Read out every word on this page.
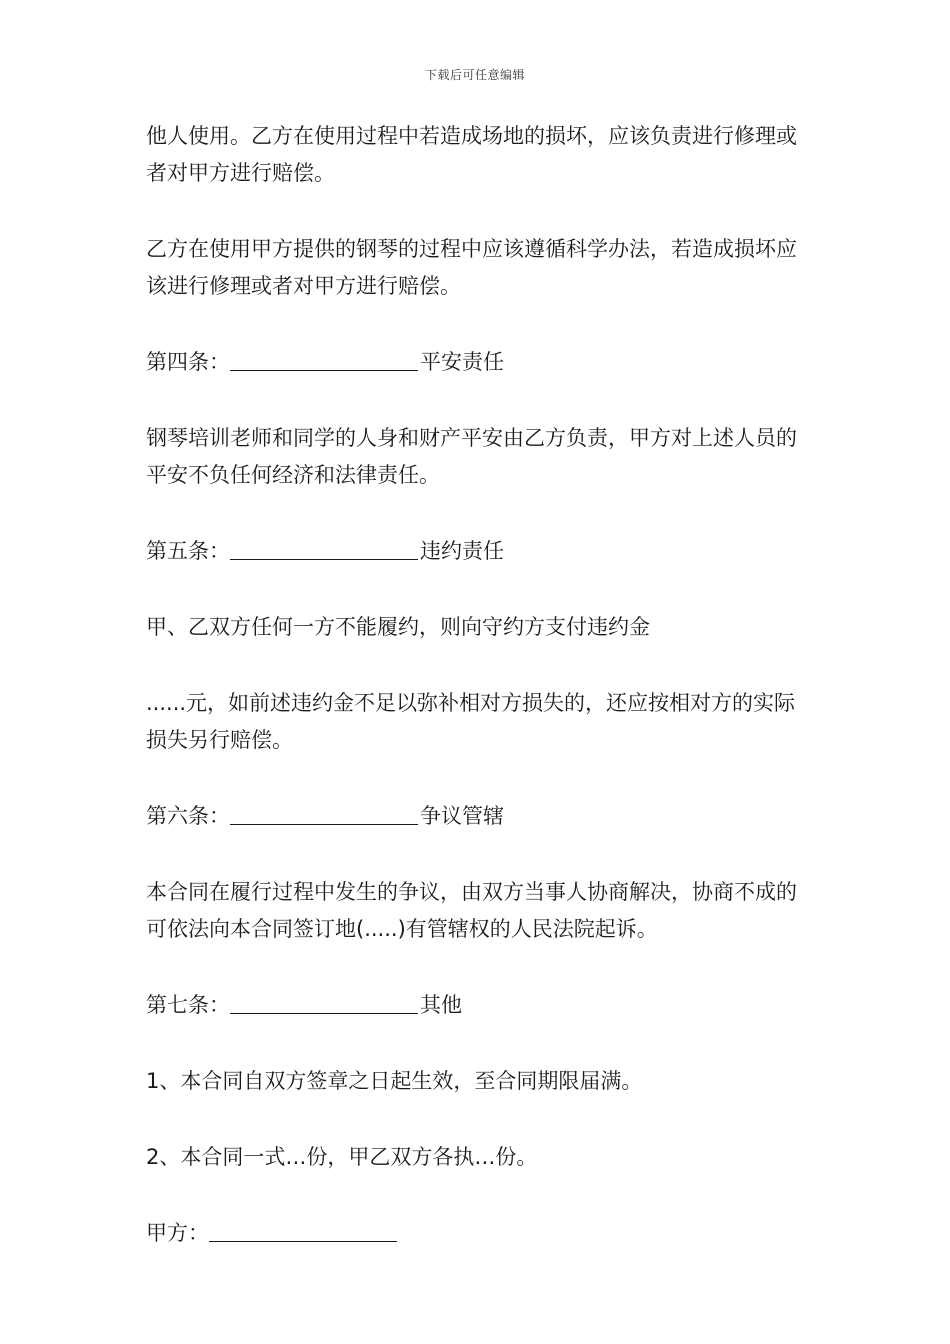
下载后可任意编辑

他人使用。乙方在使用过程中若造成场地的损坏，应该负责进行修理或者对甲方进行赔偿。

乙方在使用甲方提供的钢琴的过程中应该遵循科学办法，若造成损坏应该进行修理或者对甲方进行赔偿。

第四条：	平安责任

钢琴培训老师和同学的人身和财产平安由乙方负责，甲方对上述人员的平安不负任何经济和法律责任。

第五条：	违约责任

甲、乙双方任何一方不能履约，则向守约方支付违约金

......元，如前述违约金不足以弥补相对方损失的，还应按相对方的实际损失另行赔偿。

第六条：	争议管辖

本合同在履行过程中发生的争议，由双方当事人协商解决，协商不成的可依法向本合同签订地(.....)有管辖权的人民法院起诉。

第七条：	其他

1、本合同自双方签章之日起生效，至合同期限届满。

2、本合同一式…份，甲乙双方各执…份。

甲方：
